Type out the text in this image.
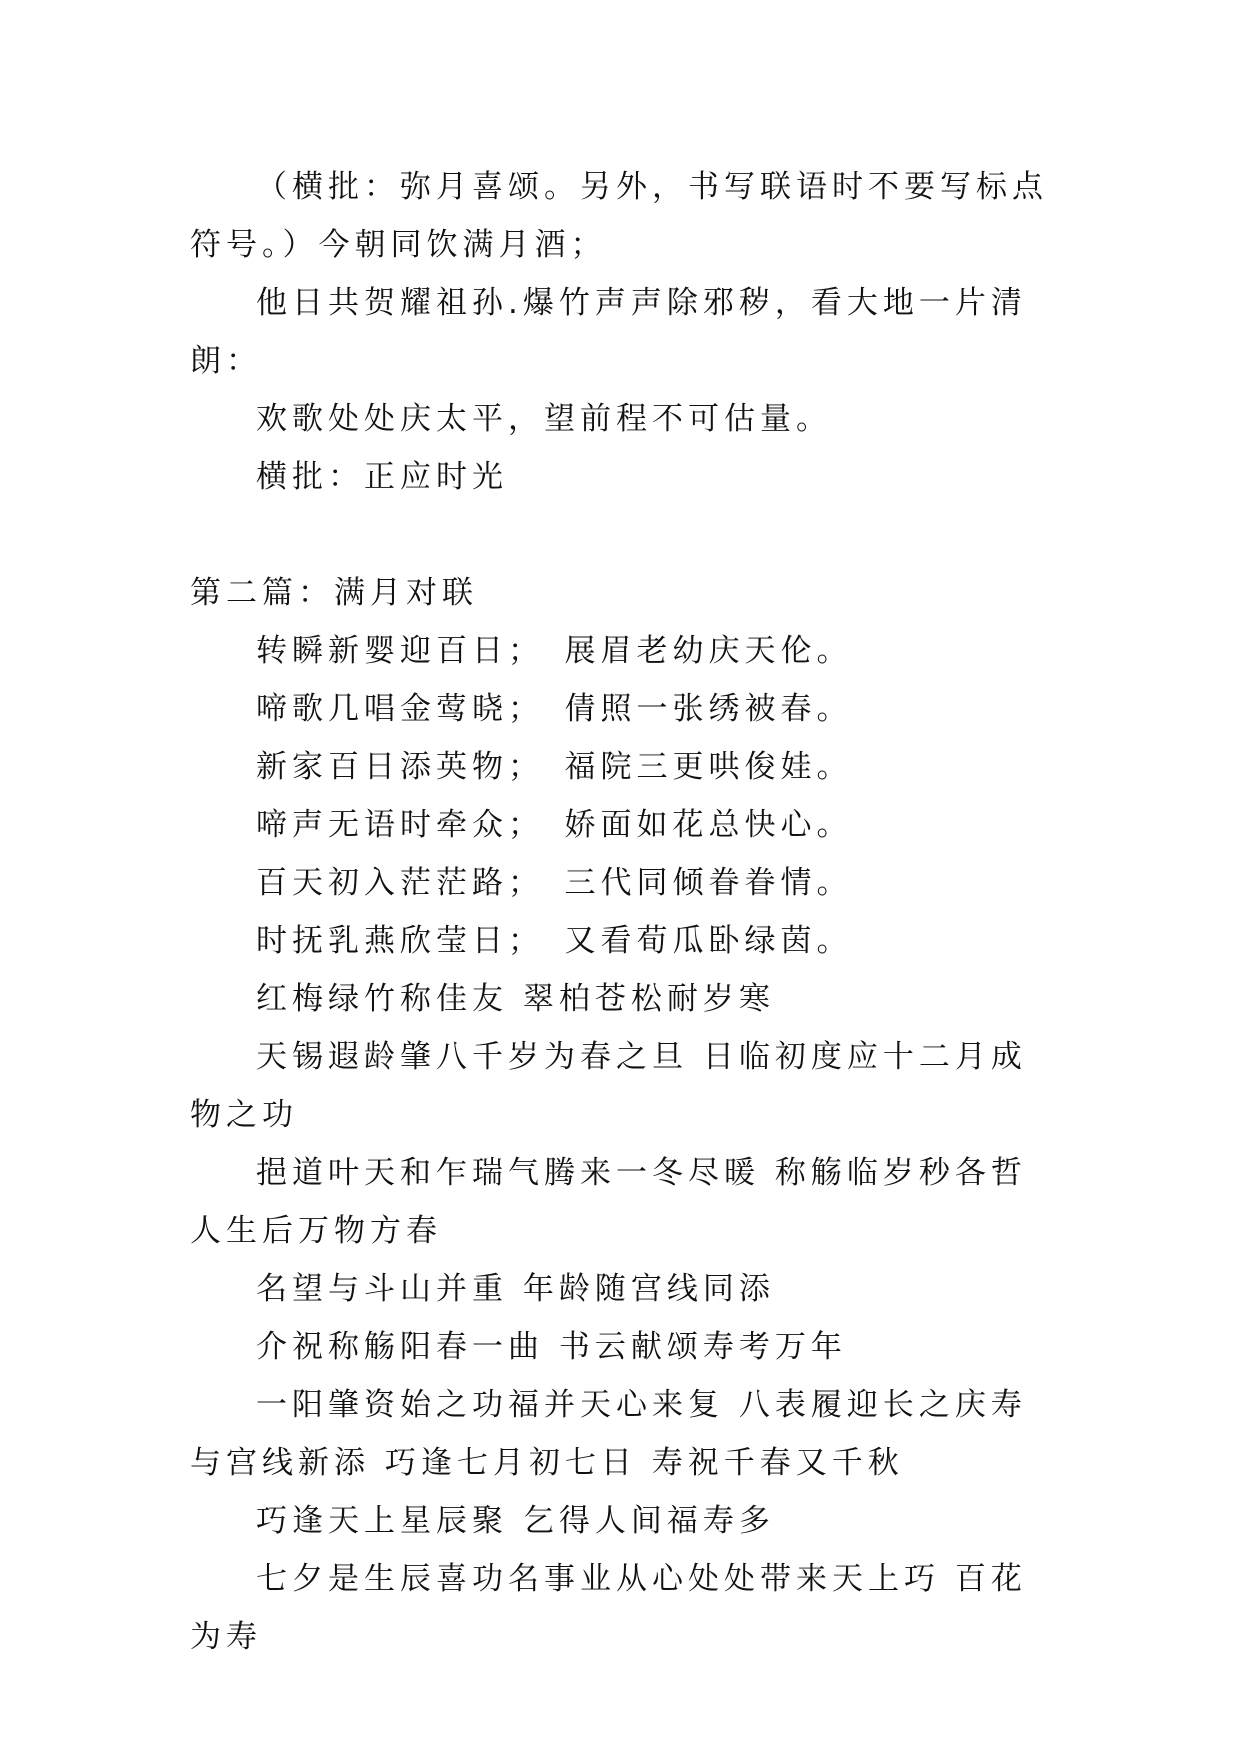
（横批：弥月喜颂。另外，书写联语时不要写标点符号。）今朝同饮满月酒；

他日共贺耀祖孙.爆竹声声除邪秽，看大地一片清朗：

欢歌处处庆太平，望前程不可估量。

横批：正应时光

第二篇：满月对联

转瞬新婴迎百日；　展眉老幼庆天伦。

啼歌几唱金莺晓；　倩照一张绣被春。

新家百日添英物；　福院三更哄俊娃。

啼声无语时牵众；　娇面如花总快心。

百天初入茫茫路；　三代同倾眷眷情。

时抚乳燕欣莹日；　又看荀瓜卧绿茵。

红梅绿竹称佳友 翠柏苍松耐岁寒

天锡遐龄肇八千岁为春之旦 日临初度应十二月成物之功

挹道叶天和乍瑞气腾来一冬尽暖 称觞临岁秒各哲人生后万物方春

名望与斗山并重 年龄随宫线同添

介祝称觞阳春一曲 书云献颂寿考万年

一阳肇资始之功福并天心来复 八表履迎长之庆寿与宫线新添 巧逢七月初七日 寿祝千春又千秋

巧逢天上星辰聚 乞得人间福寿多

七夕是生辰喜功名事业从心处处带来天上巧 百花为寿
